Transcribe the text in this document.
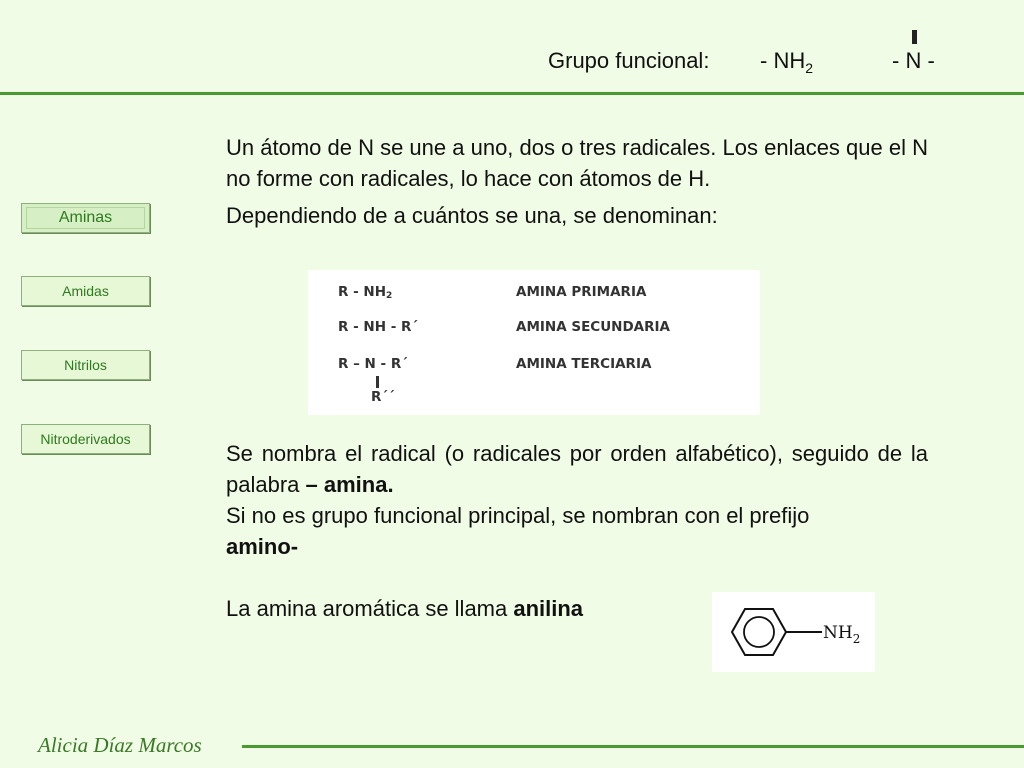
Grupo funcional: - $NH_2$	- N -
Aminas
Amidas
Nitrilos
Nitroderivados

Un átomo de N se une a uno, dos o tres radicales. Los enlaces que el N no forme con radicales, lo hace con átomos de H.

Dependiendo de a cuántos se una, se denominan:

R - $NH_2$	AMINA PRIMARIA
R - NH - R´	AMINA SECUNDARIA
R – N - R´	AMINA TERCIARIA
R´´

Se nombra el radical (o radicales por orden alfabético), seguido de la palabra – amina.

Si no es grupo funcional principal, se nombran con el prefijo
amino-

La amina aromática se llama anilina

$NH_2$
Alicia Díaz Marcos
